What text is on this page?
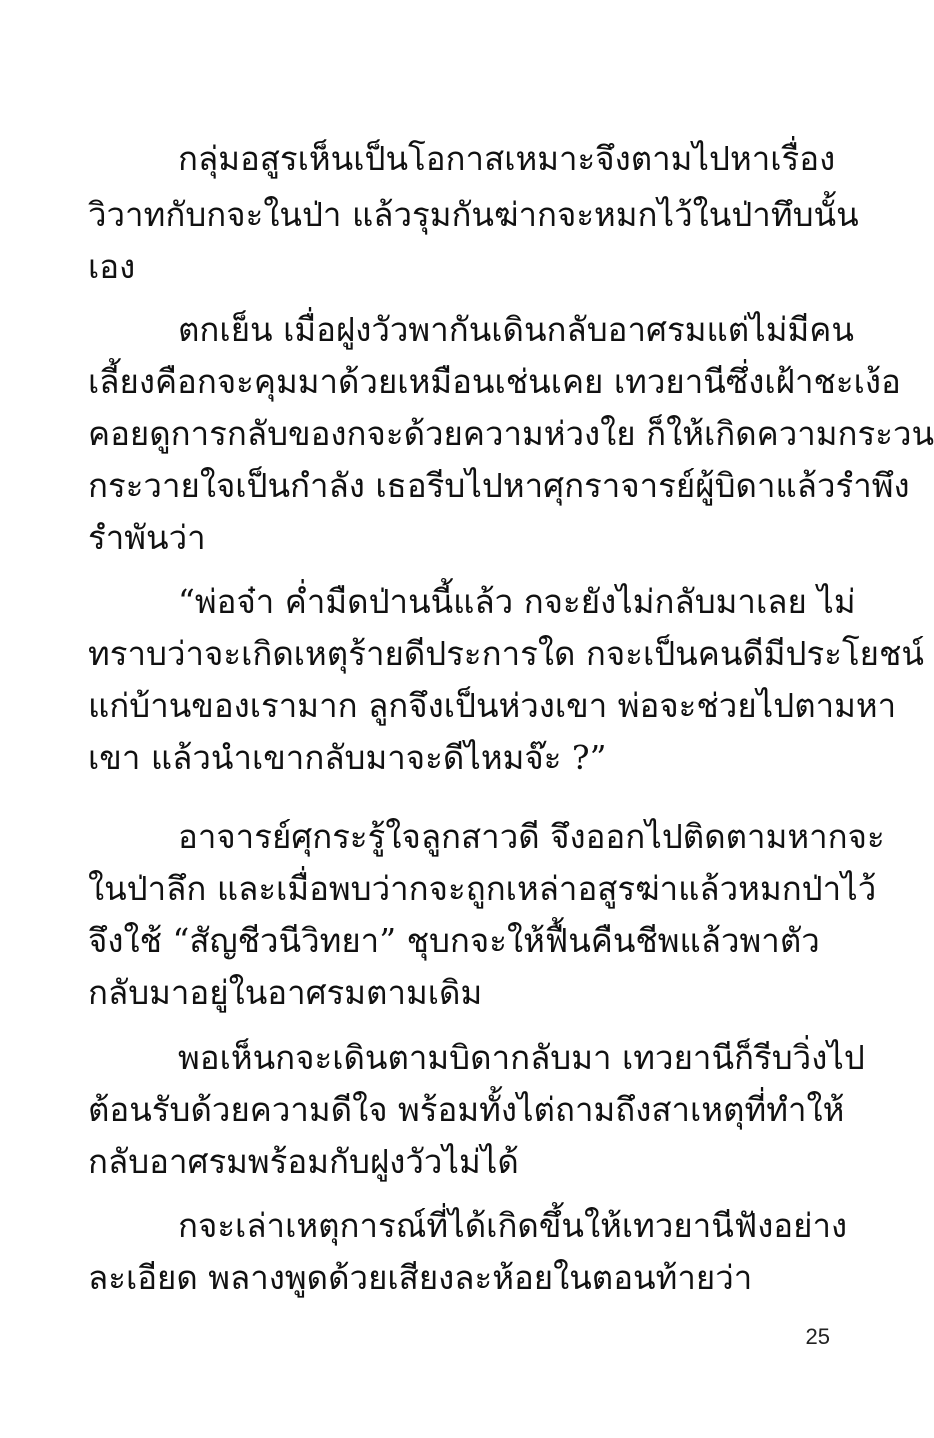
กลุ่มอสูรเห็นเป็นโอกาสเหมาะจึงตามไปหาเรื่อง
วิวาทกับกจะในป่า แล้วรุมกันฆ่ากจะหมกไว้ในป่าทึบนั้น
เอง
ตกเย็น เมื่อฝูงวัวพากันเดินกลับอาศรมแต่ไม่มีคน
เลี้ยงคือกจะคุมมาด้วยเหมือนเช่นเคย เทวยานีซึ่งเฝ้าชะเง้อ
คอยดูการกลับของกจะด้วยความห่วงใย ก็ให้เกิดความกระวน
กระวายใจเป็นกำลัง เธอรีบไปหาศุกราจารย์ผู้บิดาแล้วรำพึง
รำพันว่า
“พ่อจ๋า ค่ำมืดป่านนี้แล้ว กจะยังไม่กลับมาเลย ไม่
ทราบว่าจะเกิดเหตุร้ายดีประการใด กจะเป็นคนดีมีประโยชน์
แก่บ้านของเรามาก ลูกจึงเป็นห่วงเขา พ่อจะช่วยไปตามหา
เขา แล้วนำเขากลับมาจะดีไหมจ๊ะ ?”
อาจารย์ศุกระรู้ใจลูกสาวดี จึงออกไปติดตามหากจะ
ในป่าลึก และเมื่อพบว่ากจะถูกเหล่าอสูรฆ่าแล้วหมกป่าไว้
จึงใช้ “สัญชีวนีวิทยา” ชุบกจะให้ฟื้นคืนชีพแล้วพาตัว
กลับมาอยู่ในอาศรมตามเดิม
พอเห็นกจะเดินตามบิดากลับมา เทวยานีก็รีบวิ่งไป
ต้อนรับด้วยความดีใจ พร้อมทั้งไต่ถามถึงสาเหตุที่ทำให้
กลับอาศรมพร้อมกับฝูงวัวไม่ได้
กจะเล่าเหตุการณ์ที่ได้เกิดขึ้นให้เทวยานีฟังอย่าง
ละเอียด พลางพูดด้วยเสียงละห้อยในตอนท้ายว่า
25
